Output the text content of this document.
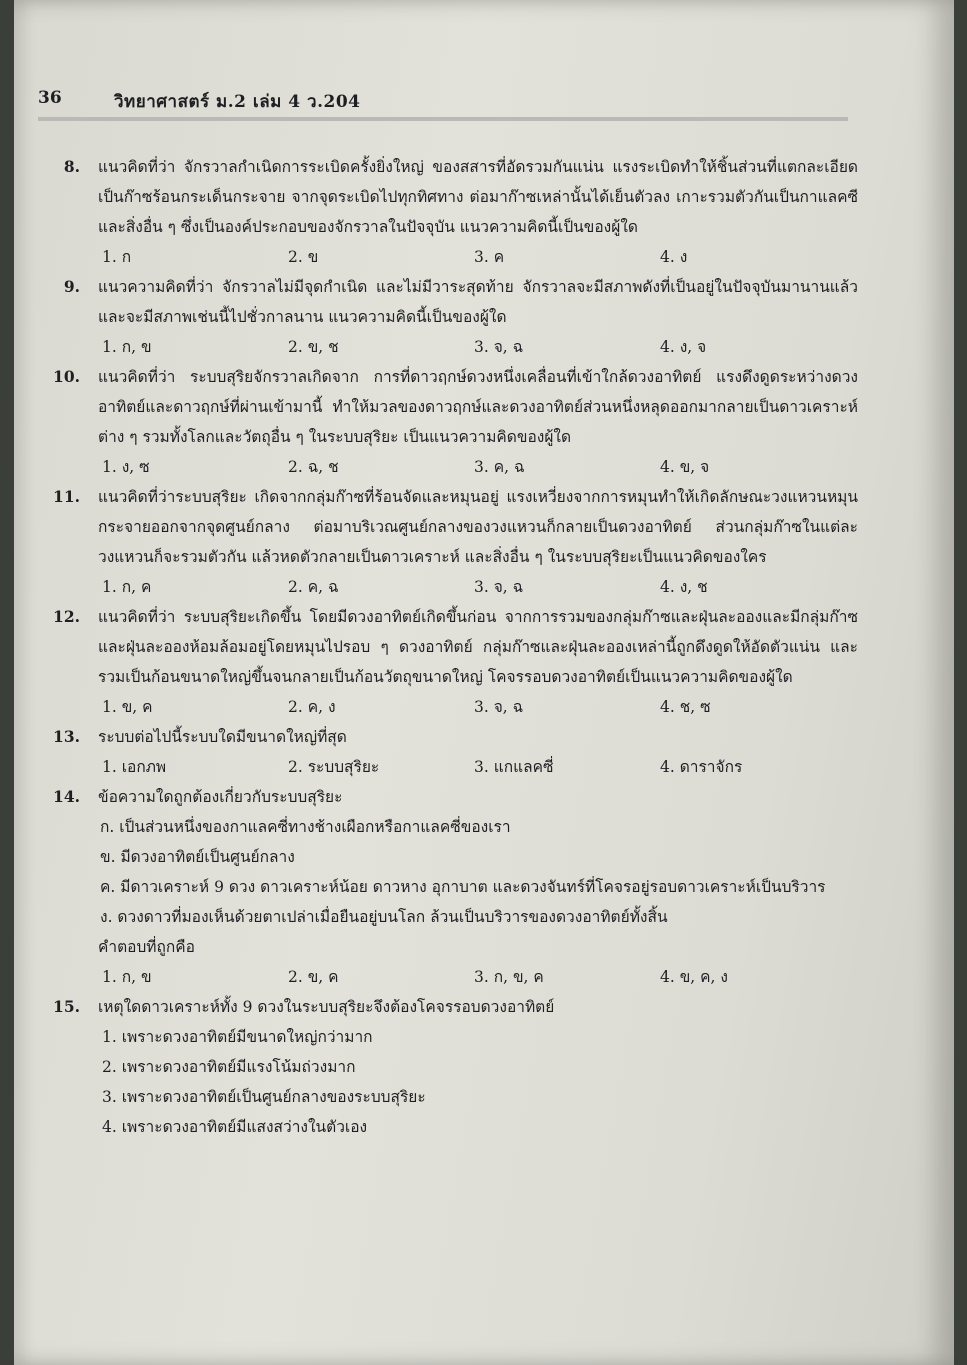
36	วิทยาศาสตร์ ม.2 เล่ม 4 ว.204
8. แนวคิดที่ว่า จักรวาลกำเนิดการระเบิดครั้งยิ่งใหญ่ ของสสารที่อัดรวมกันแน่น แรงระเบิดทำให้ชิ้นส่วนที่แตกละเอียด เป็นก๊าซร้อนกระเด็นกระจาย จากจุดระเบิดไปทุกทิศทาง ต่อมาก๊าซเหล่านั้นได้เย็นตัวลง เกาะรวมตัวกันเป็นกาแลคซี และสิ่งอื่น ๆ ซึ่งเป็นองค์ประกอบของจักรวาลในปัจจุบัน แนวความคิดนี้เป็นของผู้ใด
1. ก	2. ข	3. ค	4. ง
9. แนวความคิดที่ว่า จักรวาลไม่มีจุดกำเนิด และไม่มีวาระสุดท้าย จักรวาลจะมีสภาพดังที่เป็นอยู่ในปัจจุบันมานานแล้ว และจะมีสภาพเช่นนี้ไปชั่วกาลนาน แนวความคิดนี้เป็นของผู้ใด
1. ก, ข	2. ข, ช	3. จ, ฉ	4. ง, จ
10. แนวคิดที่ว่า ระบบสุริยจักรวาลเกิดจาก การที่ดาวฤกษ์ดวงหนึ่งเคลื่อนที่เข้าใกล้ดวงอาทิตย์ แรงดึงดูดระหว่างดวงอาทิตย์และดาวฤกษ์ที่ผ่านเข้ามานี้ ทำให้มวลของดาวฤกษ์และดวงอาทิตย์ส่วนหนึ่งหลุดออกมากลายเป็นดาวเคราะห์ต่าง ๆ รวมทั้งโลกและวัตถุอื่น ๆ ในระบบสุริยะ เป็นแนวความคิดของผู้ใด
1. ง, ซ	2. ฉ, ช	3. ค, ฉ	4. ข, จ
11. แนวคิดที่ว่าระบบสุริยะ เกิดจากกลุ่มก๊าซที่ร้อนจัดและหมุนอยู่ แรงเหวี่ยงจากการหมุนทำให้เกิดลักษณะวงแหวนหมุนกระจายออกจากจุดศูนย์กลาง ต่อมาบริเวณศูนย์กลางของวงแหวนก็กลายเป็นดวงอาทิตย์ ส่วนกลุ่มก๊าซในแต่ละวงแหวนก็จะรวมตัวกัน แล้วหดตัวกลายเป็นดาวเคราะห์ และสิ่งอื่น ๆ ในระบบสุริยะเป็นแนวคิดของใคร
1. ก, ค	2. ค, ฉ	3. จ, ฉ	4. ง, ช
12. แนวคิดที่ว่า ระบบสุริยะเกิดขึ้น โดยมีดวงอาทิตย์เกิดขึ้นก่อน จากการรวมของกลุ่มก๊าซและฝุ่นละอองและมีกลุ่มก๊าซและฝุ่นละอองห้อมล้อมอยู่โดยหมุนไปรอบ ๆ ดวงอาทิตย์ กลุ่มก๊าซและฝุ่นละอองเหล่านี้ถูกดึงดูดให้อัดตัวแน่น และรวมเป็นก้อนขนาดใหญ่ขึ้นจนกลายเป็นก้อนวัตถุขนาดใหญ่ โคจรรอบดวงอาทิตย์เป็นแนวความคิดของผู้ใด
1. ข, ค	2. ค, ง	3. จ, ฉ	4. ช, ซ
13. ระบบต่อไปนี้ระบบใดมีขนาดใหญ่ที่สุด
1. เอกภพ	2. ระบบสุริยะ	3. แกแลคซี่	4. ดาราจักร
14. ข้อความใดถูกต้องเกี่ยวกับระบบสุริยะ
ก. เป็นส่วนหนึ่งของกาแลคซี่ทางช้างเผือกหรือกาแลคซี่ของเรา
ข. มีดวงอาทิตย์เป็นศูนย์กลาง
ค. มีดาวเคราะห์ 9 ดวง ดาวเคราะห์น้อย ดาวหาง อุกาบาต และดวงจันทร์ที่โคจรอยู่รอบดาวเคราะห์เป็นบริวาร
ง. ดวงดาวที่มองเห็นด้วยตาเปล่าเมื่อยืนอยู่บนโลก ล้วนเป็นบริวารของดวงอาทิตย์ทั้งสิ้น
คำตอบที่ถูกคือ
1. ก, ข	2. ข, ค	3. ก, ข, ค	4. ข, ค, ง
15. เหตุใดดาวเคราะห์ทั้ง 9 ดวงในระบบสุริยะจึงต้องโคจรรอบดวงอาทิตย์
1. เพราะดวงอาทิตย์มีขนาดใหญ่กว่ามาก
2. เพราะดวงอาทิตย์มีแรงโน้มถ่วงมาก
3. เพราะดวงอาทิตย์เป็นศูนย์กลางของระบบสุริยะ
4. เพราะดวงอาทิตย์มีแสงสว่างในตัวเอง
